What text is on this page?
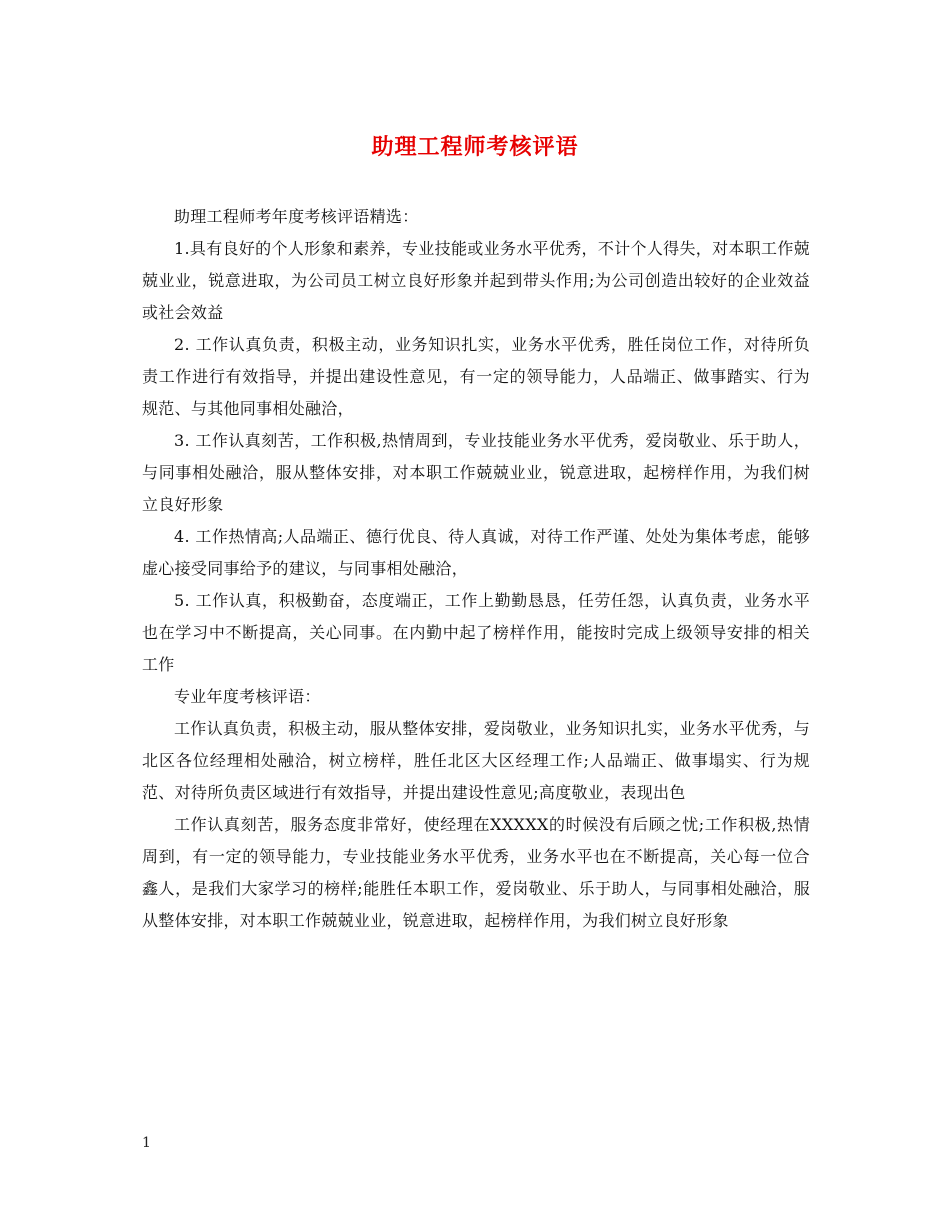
助理工程师考核评语

助理工程师考年度考核评语精选：

1.具有良好的个人形象和素养，专业技能或业务水平优秀，不计个人得失，对本职工作兢兢业业，锐意进取，为公司员工树立良好形象并起到带头作用;为公司创造出较好的企业效益或社会效益

2. 工作认真负责，积极主动，业务知识扎实，业务水平优秀，胜任岗位工作，对待所负责工作进行有效指导，并提出建设性意见，有一定的领导能力，人品端正、做事踏实、行为规范、与其他同事相处融洽，

3. 工作认真刻苦，工作积极,热情周到，专业技能业务水平优秀，爱岗敬业、乐于助人，与同事相处融洽，服从整体安排，对本职工作兢兢业业，锐意进取，起榜样作用，为我们树立良好形象

4. 工作热情高;人品端正、德行优良、待人真诚，对待工作严谨、处处为集体考虑，能够虚心接受同事给予的建议，与同事相处融洽，

5. 工作认真，积极勤奋，态度端正，工作上勤勤恳恳，任劳任怨，认真负责，业务水平也在学习中不断提高，关心同事。在内勤中起了榜样作用，能按时完成上级领导安排的相关工作

专业年度考核评语：

工作认真负责，积极主动，服从整体安排，爱岗敬业，业务知识扎实，业务水平优秀，与北区各位经理相处融洽，树立榜样，胜任北区大区经理工作;人品端正、做事塌实、行为规范、对待所负责区域进行有效指导，并提出建设性意见;高度敬业，表现出色

工作认真刻苦，服务态度非常好，使经理在XXXXX的时候没有后顾之忧;工作积极,热情周到，有一定的领导能力，专业技能业务水平优秀，业务水平也在不断提高，关心每一位合鑫人，是我们大家学习的榜样;能胜任本职工作，爱岗敬业、乐于助人，与同事相处融洽，服从整体安排，对本职工作兢兢业业，锐意进取，起榜样作用，为我们树立良好形象

1
